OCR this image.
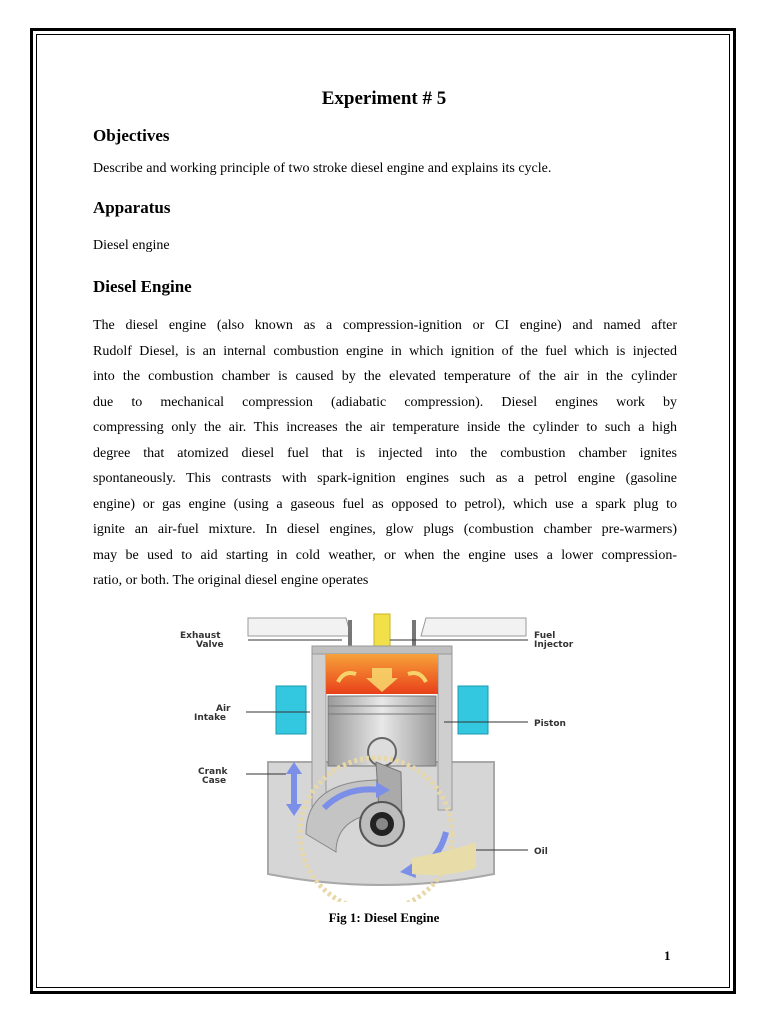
Experiment # 5
Objectives

Describe and working principle of two stroke diesel engine and explains its cycle.

Apparatus

Diesel engine

Diesel Engine

The diesel engine (also known as a compression-ignition or CI engine) and named after
Rudolf Diesel, is an internal combustion engine in which ignition of the fuel which is injected
into the combustion chamber is caused by the elevated temperature of the air in the cylinder
due to mechanical compression (adiabatic compression). Diesel engines work by
compressing only the air. This increases the air temperature inside the cylinder to such a high
degree that atomized diesel fuel that is injected into the combustion chamber ignites
spontaneously. This contrasts with spark-ignition engines such as a petrol engine (gasoline
engine) or gas engine (using a gaseous fuel as opposed to petrol), which use a spark plug to
ignite an air-fuel mixture. In diesel engines, glow plugs (combustion chamber pre-warmers)
may be used to aid starting in cold weather, or when the engine uses a lower compression-
ratio, or both. The original diesel engine operates

Exhaust Valve
Fuel Injector
Air Intake
Piston
Crank Case
Oil

Fig 1: Diesel Engine

1
